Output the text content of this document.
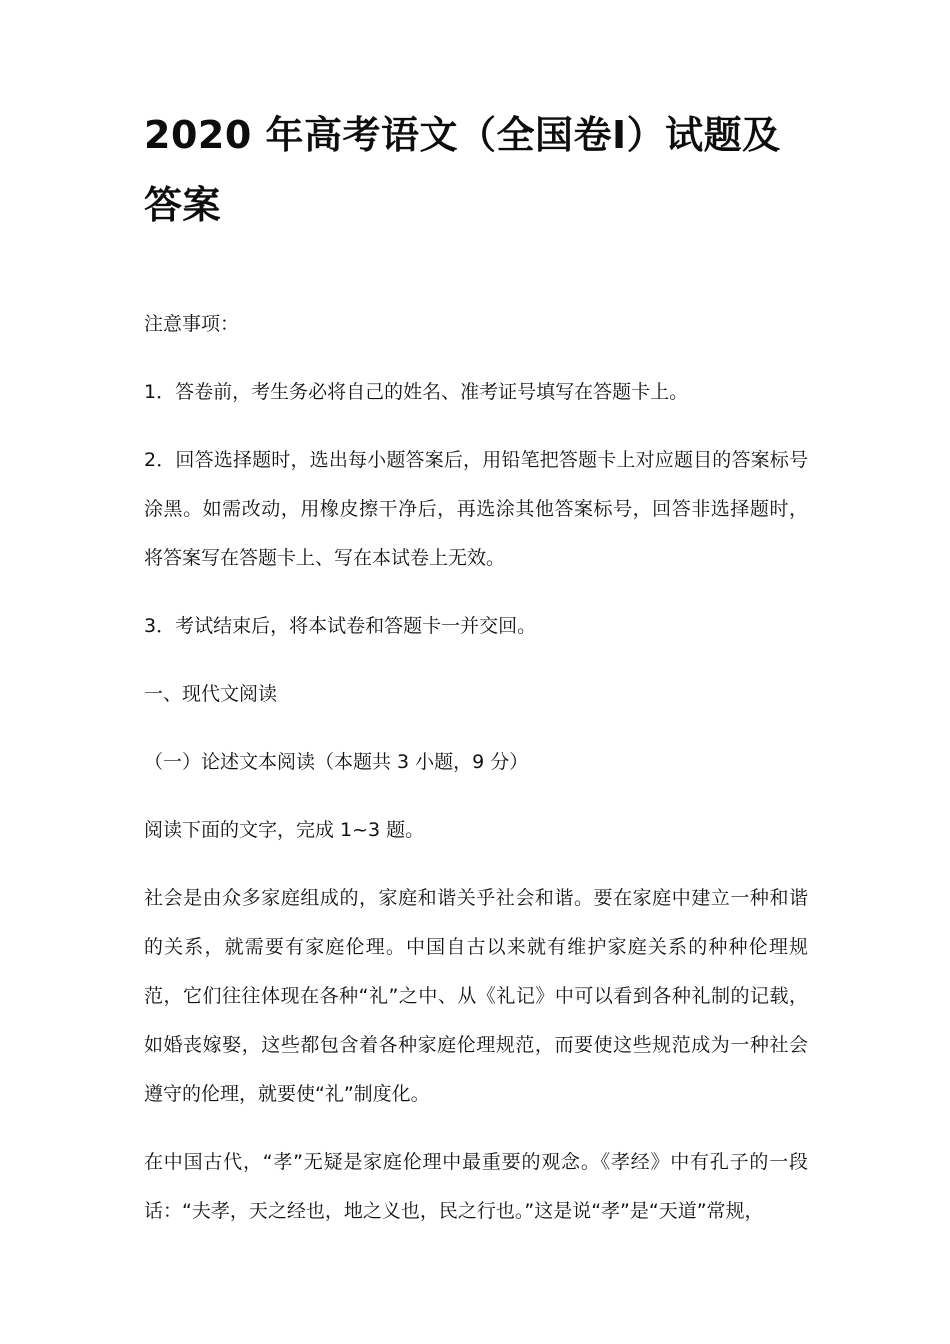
2020 年高考语文（全国卷Ⅰ）试题及答案

注意事项：

1．答卷前，考生务必将自己的姓名、准考证号填写在答题卡上。

2．回答选择题时，选出每小题答案后，用铅笔把答题卡上对应题目的答案标号涂黑。如需改动，用橡皮擦干净后，再选涂其他答案标号，回答非选择题时，将答案写在答题卡上、写在本试卷上无效。

3．考试结束后，将本试卷和答题卡一并交回。

一、现代文阅读

（一）论述文本阅读（本题共 3 小题，9 分）

阅读下面的文字，完成 1~3 题。

社会是由众多家庭组成的，家庭和谐关乎社会和谐。要在家庭中建立一种和谐的关系，就需要有家庭伦理。中国自古以来就有维护家庭关系的种种伦理规范，它们往往体现在各种“礼”之中、从《礼记》中可以看到各种礼制的记载，如婚丧嫁娶，这些都包含着各种家庭伦理规范，而要使这些规范成为一种社会遵守的伦理，就要使“礼”制度化。

在中国古代，“孝”无疑是家庭伦理中最重要的观念。《孝经》中有孔子的一段话：“夫孝，天之经也，地之义也，民之行也。”这是说“孝”是“天道”常规，
